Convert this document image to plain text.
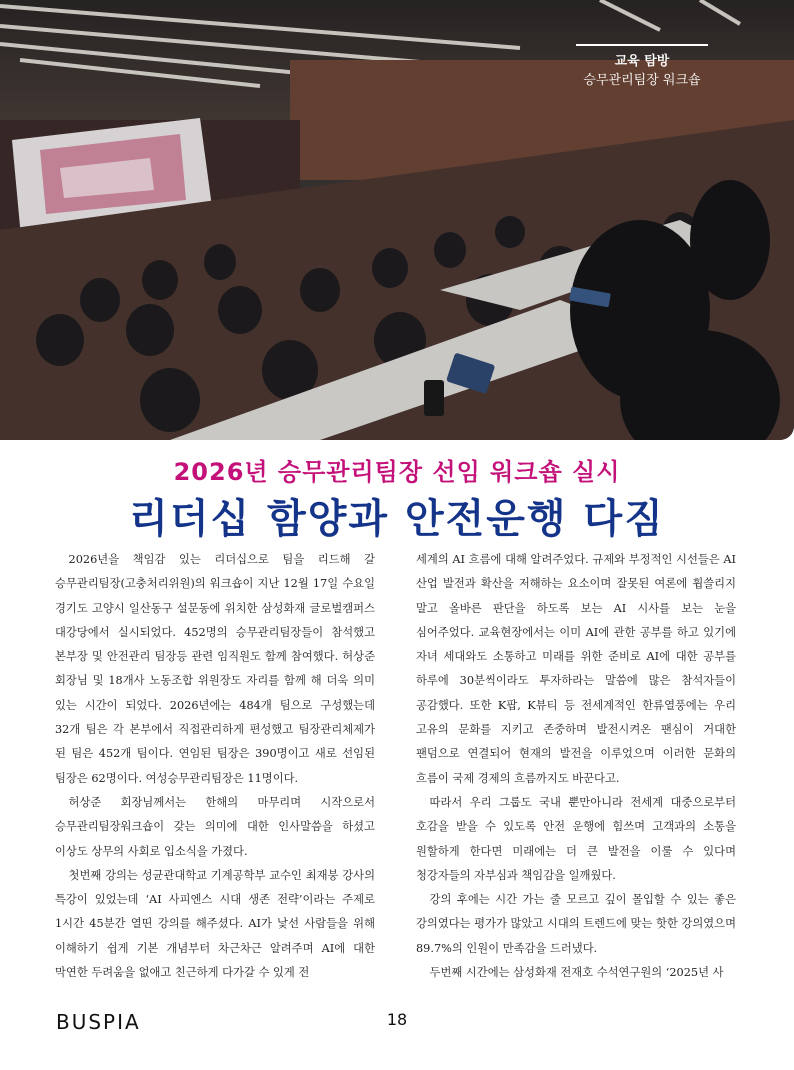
교육 탐방
승무관리팀장 워크숍
2026년 승무관리팀장 선임 워크숍 실시
리더십 함양과 안전운행 다짐

2026년을 책임감 있는 리더십으로 팀을 리드해 갈 승무관리팀장(고충처리위원)의 워크숍이 지난 12월 17일 수요일 경기도 고양시 일산동구 설문동에 위치한 삼성화재 글로벌캠퍼스 대강당에서 실시되었다. 452명의 승무관리팀장들이 참석했고 본부장 및 안전관리 팀장등 관련 임직원도 함께 참여했다. 허상준 회장님 및 18개사 노동조합 위원장도 자리를 함께 해 더욱 의미 있는 시간이 되었다. 2026년에는 484개 팀으로 구성했는데 32개 팀은 각 본부에서 직접관리하게 편성했고 팀장관리체제가 된 팀은 452개 팀이다. 연임된 팀장은 390명이고 새로 선임된 팀장은 62명이다. 여성승무관리팀장은 11명이다.

허상준 회장님께서는 한해의 마무리며 시작으로서 승무관리팀장워크숍이 갖는 의미에 대한 인사말씀을 하셨고 이상도 상무의 사회로 입소식을 가졌다.

첫번째 강의는 성균관대학교 기계공학부 교수인 최재붕 강사의 특강이 있었는데 ‘AI 사피엔스 시대 생존 전략’이라는 주제로 1시간 45분간 열띤 강의를 해주셨다. AI가 낯선 사람들을 위해 이해하기 쉽게 기본 개념부터 차근차근 알려주며 AI에 대한 막연한 두려움을 없애고 친근하게 다가갈 수 있게 전

세계의 AI 흐름에 대해 알려주었다. 규제와 부정적인 시선들은 AI 산업 발전과 확산을 저해하는 요소이며 잘못된 여론에 휩쓸리지 말고 올바른 판단을 하도록 보는 AI 시사를 보는 눈을 심어주었다. 교육현장에서는 이미 AI에 관한 공부를 하고 있기에 자녀 세대와도 소통하고 미래를 위한 준비로 AI에 대한 공부를 하루에 30분씩이라도 투자하라는 말씀에 많은 참석자들이 공감했다. 또한 K팝, K뷰티 등 전세계적인 한류열풍에는 우리 고유의 문화를 지키고 존중하며 발전시켜온 팬심이 거대한 팬덤으로 연결되어 현재의 발전을 이루었으며 이러한 문화의 흐름이 국제 경제의 흐름까지도 바꾼다고.

따라서 우리 그룹도 국내 뿐만아니라 전세계 대중으로부터 호감을 받을 수 있도록 안전 운행에 힘쓰며 고객과의 소통을 원할하게 한다면 미래에는 더 큰 발전을 이룰 수 있다며 청강자들의 자부심과 책임감을 일깨웠다.

강의 후에는 시간 가는 줄 모르고 깊이 몰입할 수 있는 좋은 강의였다는 평가가 많았고 시대의 트렌드에 맞는 핫한 강의였으며 89.7%의 인원이 만족감을 드러냈다.

두번째 시간에는 삼성화재 전재호 수석연구원의 ‘2025년 사

BUSPIA	18
